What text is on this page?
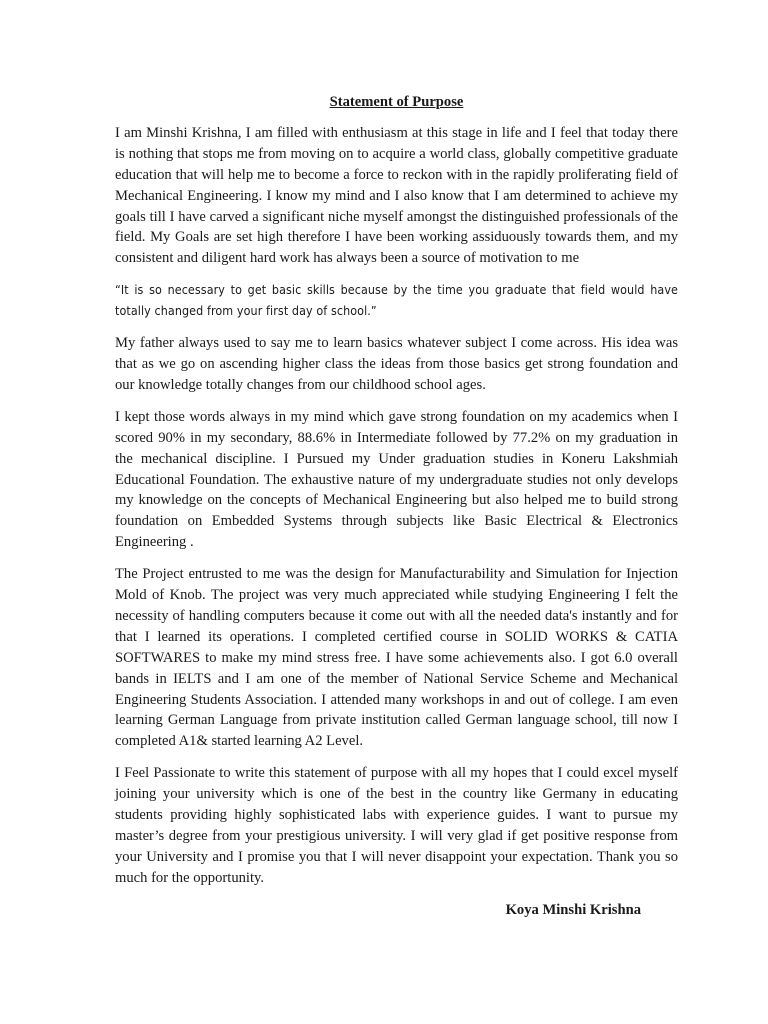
Statement of Purpose

I am Minshi Krishna, I am filled with enthusiasm at this stage in life and I feel that today there is nothing that stops me from moving on to acquire a world class, globally competitive graduate education that will help me to become a force to reckon with in the rapidly proliferating field of Mechanical Engineering. I know my mind and I also know that I am determined to achieve my goals till I have carved a significant niche myself amongst the distinguished professionals of the field. My Goals are set high therefore I have been working assiduously towards them, and my consistent and diligent hard work has always been a source of motivation to me

“It is so necessary to get basic skills because by the time you graduate that field would have totally changed from your first day of school.”

My father always used to say me to learn basics whatever subject I come across. His idea was that as we go on ascending higher class the ideas from those basics get strong foundation and our knowledge totally changes from our childhood school ages.

I kept those words always in my mind which gave strong foundation on my academics when I scored 90% in my secondary, 88.6% in Intermediate followed by 77.2% on my graduation in the mechanical discipline. I Pursued my Under graduation studies in Koneru Lakshmiah Educational Foundation. The exhaustive nature of my undergraduate studies not only develops my knowledge on the concepts of Mechanical Engineering but also helped me to build strong foundation on Embedded Systems through subjects like Basic Electrical & Electronics Engineering .

The Project entrusted to me was the design for Manufacturability and Simulation for Injection Mold of Knob. The project was very much appreciated while studying Engineering I felt the necessity of handling computers because it come out with all the needed data's instantly and for that I learned its operations. I completed certified course in SOLID WORKS & CATIA SOFTWARES to make my mind stress free. I have some achievements also. I got 6.0 overall bands in IELTS and I am one of the member of National Service Scheme and Mechanical Engineering Students Association. I attended many workshops in and out of college. I am even learning German Language from private institution called German language school, till now I completed A1& started learning A2 Level.

I Feel Passionate to write this statement of purpose with all my hopes that I could excel myself joining your university which is one of the best in the country like Germany in educating students providing highly sophisticated labs with experience guides. I want to pursue my master’s degree from your prestigious university. I will very glad if get positive response from your University and I promise you that I will never disappoint your expectation. Thank you so much for the opportunity.

Koya Minshi Krishna
